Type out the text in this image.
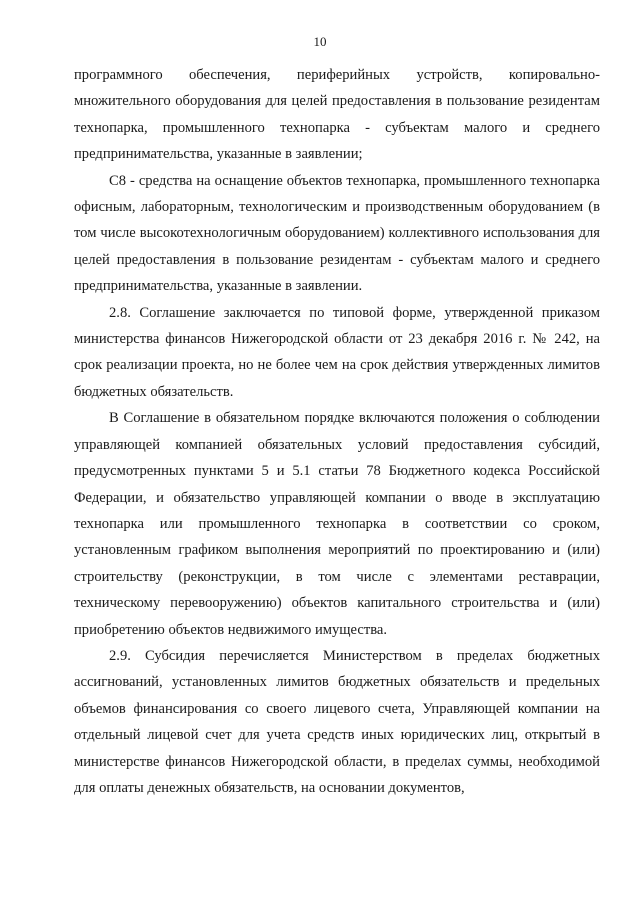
10

программного обеспечения, периферийных устройств, копировально-множительного оборудования для целей предоставления в пользование резидентам технопарка, промышленного технопарка - субъектам малого и среднего предпринимательства, указанные в заявлении;

С8 - средства на оснащение объектов технопарка, промышленного технопарка офисным, лабораторным, технологическим и производственным оборудованием (в том числе высокотехнологичным оборудованием) коллективного использования для целей предоставления в пользование резидентам - субъектам малого и среднего предпринимательства, указанные в заявлении.

2.8. Соглашение заключается по типовой форме, утвержденной приказом министерства финансов Нижегородской области от 23 декабря 2016 г. № 242, на срок реализации проекта, но не более чем на срок действия утвержденных лимитов бюджетных обязательств.

В Соглашение в обязательном порядке включаются положения о соблюдении управляющей компанией обязательных условий предоставления субсидий, предусмотренных пунктами 5 и 5.1 статьи 78 Бюджетного кодекса Российской Федерации, и обязательство управляющей компании о вводе в эксплуатацию технопарка или промышленного технопарка в соответствии со сроком, установленным графиком выполнения мероприятий по проектированию и (или) строительству (реконструкции, в том числе с элементами реставрации, техническому перевооружению) объектов капитального строительства и (или) приобретению объектов недвижимого имущества.

2.9. Субсидия перечисляется Министерством в пределах бюджетных ассигнований, установленных лимитов бюджетных обязательств и предельных объемов финансирования со своего лицевого счета, Управляющей компании на отдельный лицевой счет для учета средств иных юридических лиц, открытый в министерстве финансов Нижегородской области, в пределах суммы, необходимой для оплаты денежных обязательств, на основании документов,
